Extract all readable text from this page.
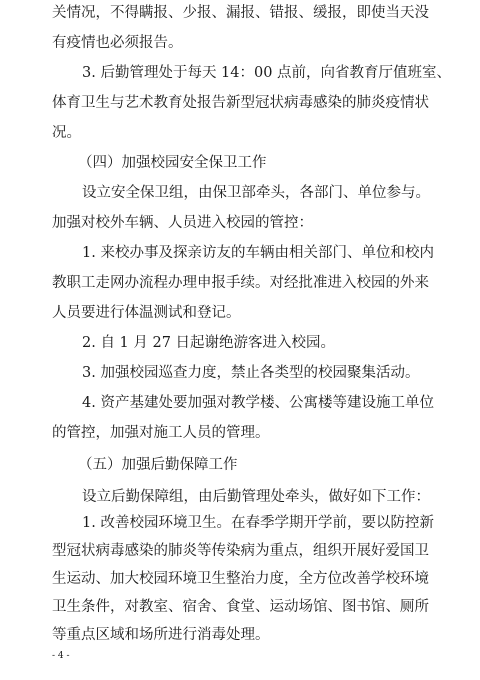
关情况，不得瞒报、少报、漏报、错报、缓报，即使当天没
有疫情也必须报告。
3. 后勤管理处于每天 14：00 点前，向省教育厅值班室、
体育卫生与艺术教育处报告新型冠状病毒感染的肺炎疫情状
况。
（四）加强校园安全保卫工作
设立安全保卫组，由保卫部牵头，各部门、单位参与。
加强对校外车辆、人员进入校园的管控：
1. 来校办事及探亲访友的车辆由相关部门、单位和校内
教职工走网办流程办理申报手续。对经批准进入校园的外来
人员要进行体温测试和登记。
2. 自 1 月 27 日起谢绝游客进入校园。
3. 加强校园巡查力度，禁止各类型的校园聚集活动。
4. 资产基建处要加强对教学楼、公寓楼等建设施工单位
的管控，加强对施工人员的管理。
（五）加强后勤保障工作
设立后勤保障组，由后勤管理处牵头，做好如下工作：
1. 改善校园环境卫生。在春季学期开学前，要以防控新
型冠状病毒感染的肺炎等传染病为重点，组织开展好爱国卫
生运动、加大校园环境卫生整治力度，全方位改善学校环境
- 4 -
卫生条件，对教室、宿舍、食堂、运动场馆、图书馆、厕所
等重点区域和场所进行消毒处理。
